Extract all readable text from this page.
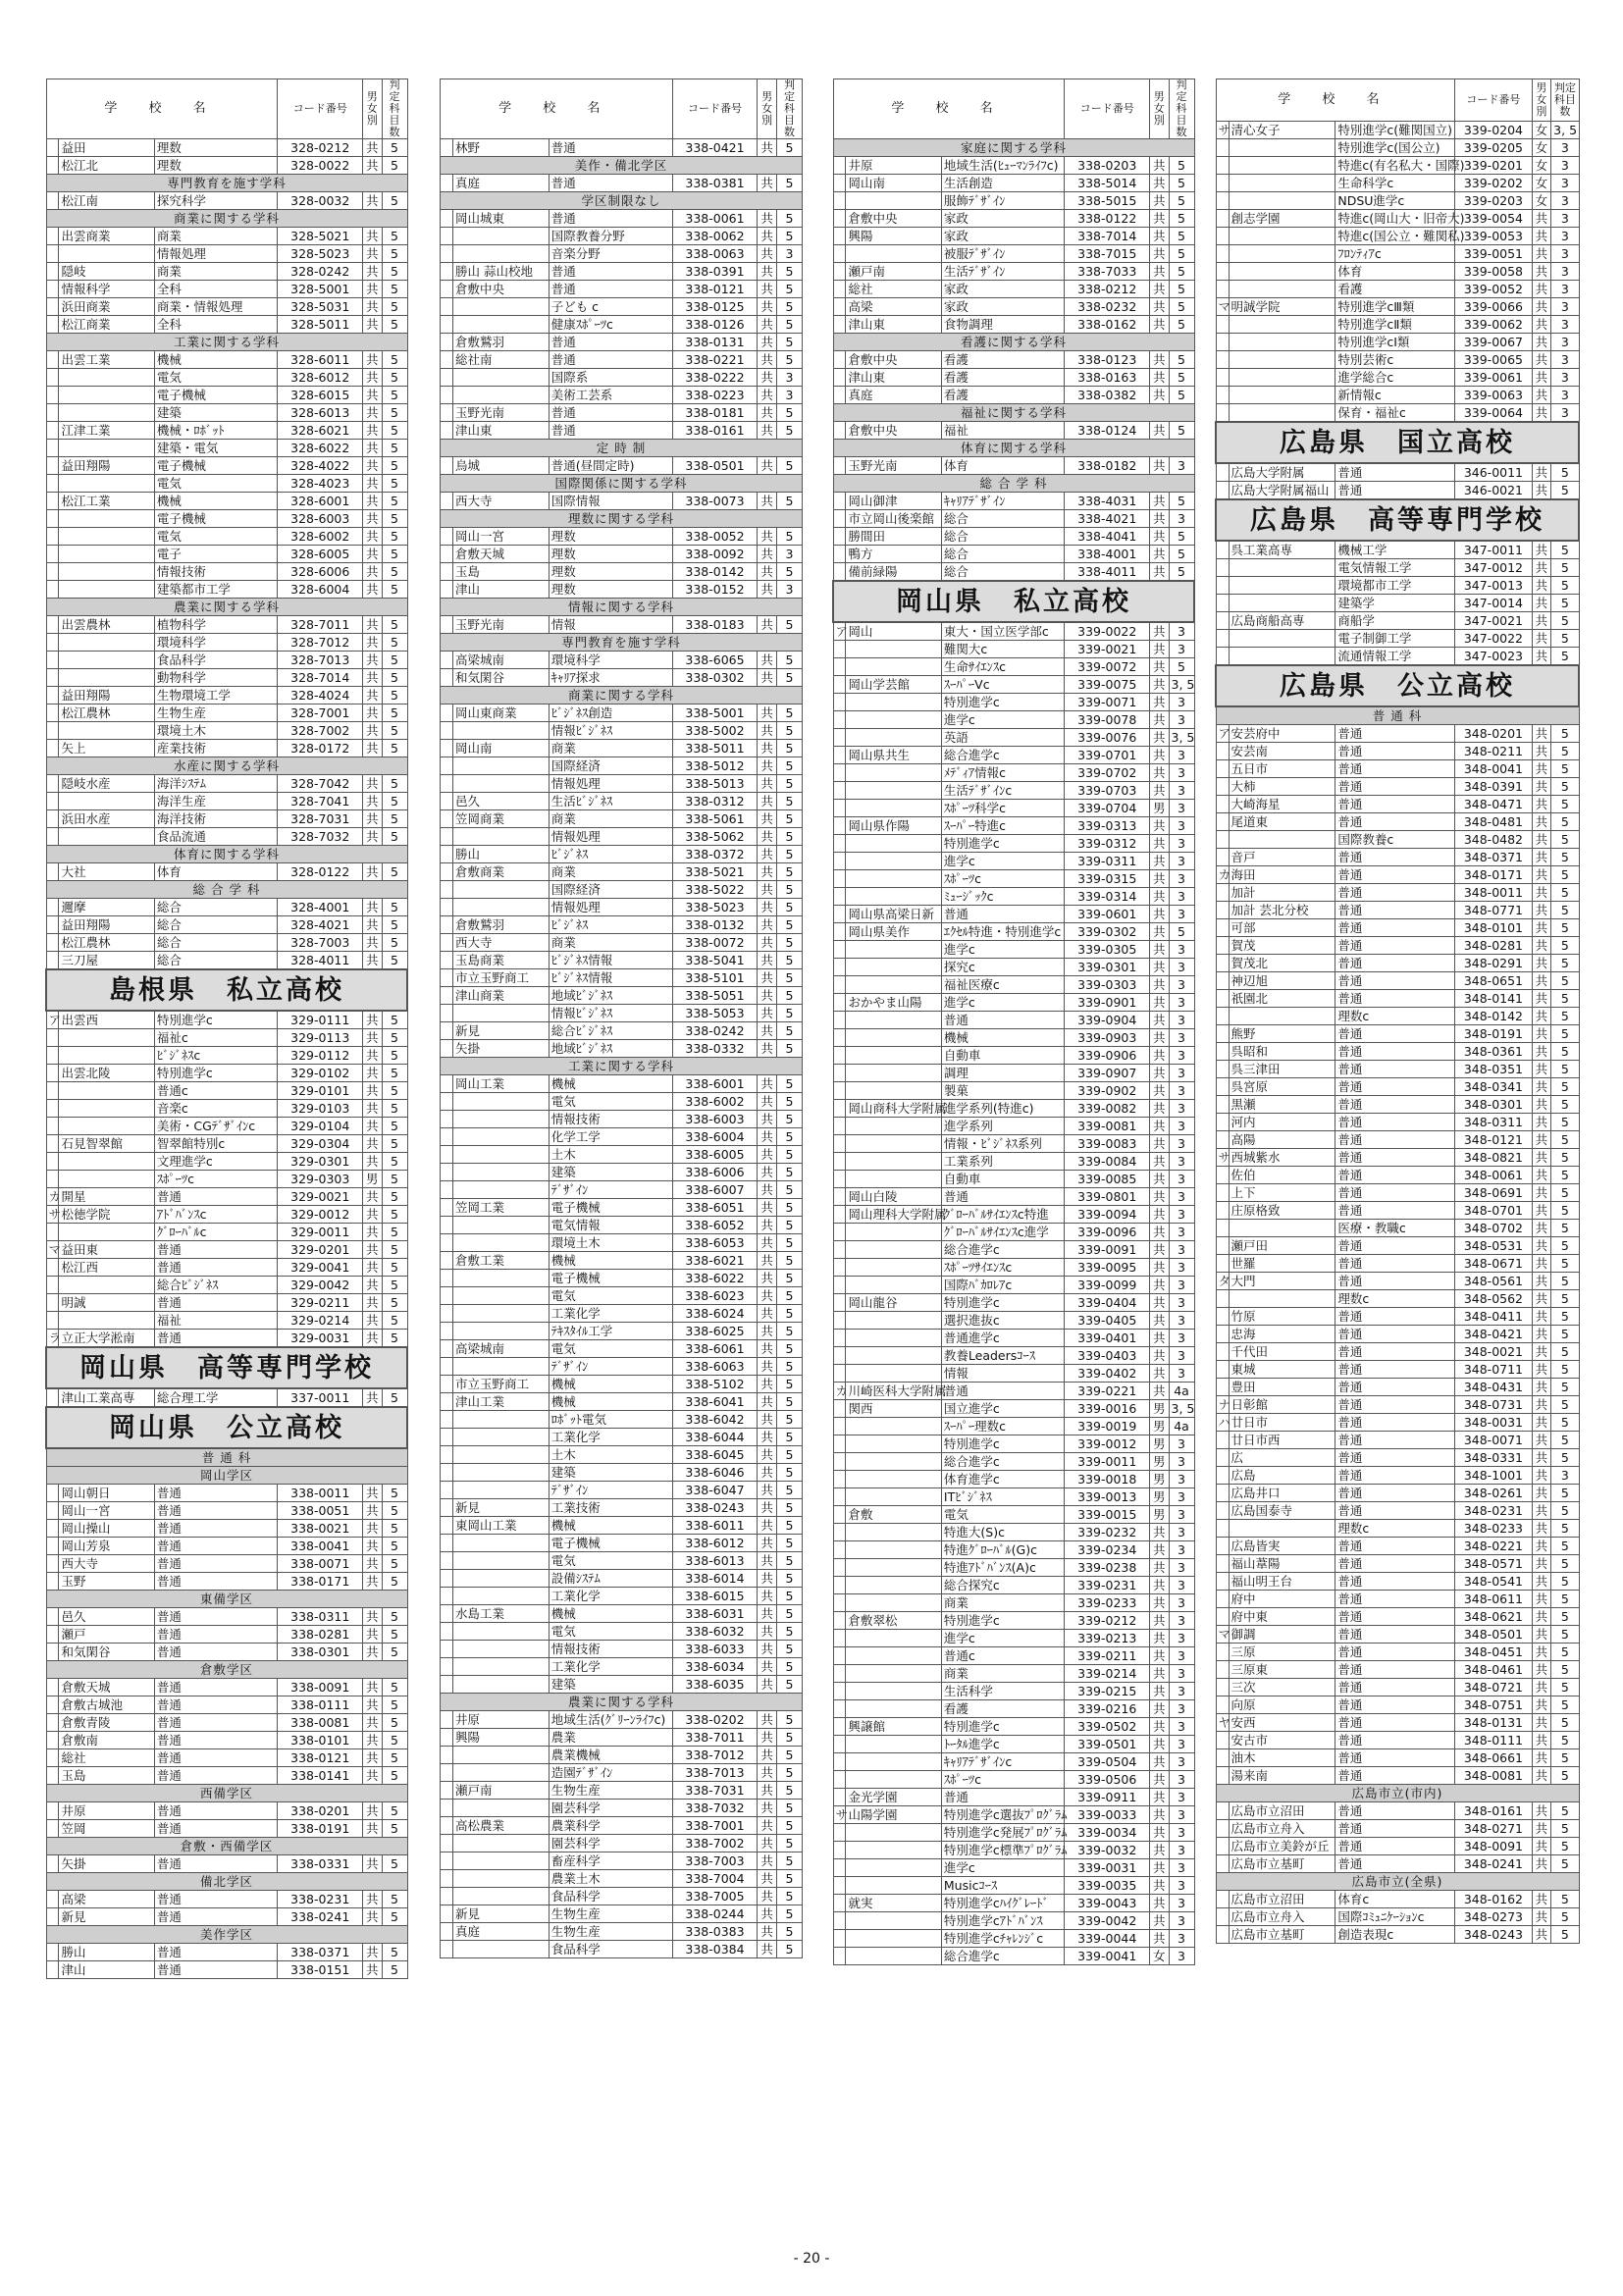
学 校 名			コード番号	男女別	判定科目数
	益田	理数	328-0212	共	5
	松江北	理数	328-0022	共	5
専門教育を施す学科					
	松江南	探究科学	328-0032	共	5
商業に関する学科					
	出雲商業	商業	328-5021	共	5
		情報処理	328-5023	共	5
	隠岐	商業	328-0242	共	5
	情報科学	全科	328-5001	共	5
	浜田商業	商業・情報処理	328-5031	共	5
	松江商業	全科	328-5011	共	5
工業に関する学科					
	出雲工業	機械	328-6011	共	5
		電気	328-6012	共	5
		電子機械	328-6015	共	5
		建築	328-6013	共	5
	江津工業	機械・ﾛﾎﾞｯﾄ	328-6021	共	5
		建築・電気	328-6022	共	5
	益田翔陽	電子機械	328-4022	共	5
		電気	328-4023	共	5
	松江工業	機械	328-6001	共	5
		電子機械	328-6003	共	5
		電気	328-6002	共	5
		電子	328-6005	共	5
		情報技術	328-6006	共	5
		建築都市工学	328-6004	共	5
農業に関する学科					
	出雲農林	植物科学	328-7011	共	5
		環境科学	328-7012	共	5
		食品科学	328-7013	共	5
		動物科学	328-7014	共	5
	益田翔陽	生物環境工学	328-4024	共	5
	松江農林	生物生産	328-7001	共	5
		環境土木	328-7002	共	5
	矢上	産業技術	328-0172	共	5
水産に関する学科					
	隠岐水産	海洋ｼｽﾃﾑ	328-7042	共	5
		海洋生産	328-7041	共	5
	浜田水産	海洋技術	328-7031	共	5
		食品流通	328-7032	共	5
体育に関する学科					
	大社	体育	328-0122	共	5
総 合 学 科					
	邇摩	総合	328-4001	共	5
	益田翔陽	総合	328-4021	共	5
	松江農林	総合	328-7003	共	5
	三刀屋	総合	328-4011	共	5
島根県　私立高校					
ア	出雲西	特別進学c	329-0111	共	5
		福祉c	329-0113	共	5
		ﾋﾞｼﾞﾈｽc	329-0112	共	5
	出雲北陵	特別進学c	329-0102	共	5
		普通c	329-0101	共	5
		音楽c	329-0103	共	5
		美術・CGﾃﾞｻﾞｲﾝc	329-0104	共	5
	石見智翠館	智翠館特別c	329-0304	共	5
		文理進学c	329-0301	共	5
		ｽﾎﾟｰﾂc	329-0303	男	5
カ	開星	普通	329-0021	共	5
サ	松徳学院	ｱﾄﾞﾊﾞﾝｽc	329-0012	共	5
		ｸﾞﾛｰﾊﾞﾙc	329-0011	共	5
マ	益田東	普通	329-0201	共	5
	松江西	普通	329-0041	共	5
		総合ﾋﾞｼﾞﾈｽ	329-0042	共	5
	明誠	普通	329-0211	共	5
		福祉	329-0214	共	5
ラ	立正大学淞南	普通	329-0031	共	5
岡山県　高等専門学校					
	津山工業高専	総合理工学	337-0011	共	5
岡山県　公立高校					
普 通 科					
岡山学区					
	岡山朝日	普通	338-0011	共	5
	岡山一宮	普通	338-0051	共	5
	岡山操山	普通	338-0021	共	5
	岡山芳泉	普通	338-0041	共	5
	西大寺	普通	338-0071	共	5
	玉野	普通	338-0171	共	5
東備学区					
	邑久	普通	338-0311	共	5
	瀬戸	普通	338-0281	共	5
	和気閑谷	普通	338-0301	共	5
倉敷学区					
	倉敷天城	普通	338-0091	共	5
	倉敷古城池	普通	338-0111	共	5
	倉敷青陵	普通	338-0081	共	5
	倉敷南	普通	338-0101	共	5
	総社	普通	338-0121	共	5
	玉島	普通	338-0141	共	5
西備学区					
	井原	普通	338-0201	共	5
	笠岡	普通	338-0191	共	5
倉敷・西備学区					
	矢掛	普通	338-0331	共	5
備北学区					
	高梁	普通	338-0231	共	5
	新見	普通	338-0241	共	5
美作学区					
	勝山	普通	338-0371	共	5
	津山	普通	338-0151	共	5
学 校 名			コード番号	男女別	判定科目数
	林野	普通	338-0421	共	5
美作・備北学区					
	真庭	普通	338-0381	共	5
学区制限なし					
	岡山城東	普通	338-0061	共	5
		国際教養分野	338-0062	共	5
		音楽分野	338-0063	共	3
	勝山 蒜山校地	普通	338-0391	共	5
	倉敷中央	普通	338-0121	共	5
		子ども c	338-0125	共	5
		健康ｽﾎﾟｰﾂc	338-0126	共	5
	倉敷鷲羽	普通	338-0131	共	5
	総社南	普通	338-0221	共	5
		国際系	338-0222	共	3
		美術工芸系	338-0223	共	3
	玉野光南	普通	338-0181	共	5
	津山東	普通	338-0161	共	5
定 時 制					
	烏城	普通(昼間定時)	338-0501	共	5
国際関係に関する学科					
	西大寺	国際情報	338-0073	共	5
理数に関する学科					
	岡山一宮	理数	338-0052	共	5
	倉敷天城	理数	338-0092	共	3
	玉島	理数	338-0142	共	5
	津山	理数	338-0152	共	3
情報に関する学科					
	玉野光南	情報	338-0183	共	5
専門教育を施す学科					
	高梁城南	環境科学	338-6065	共	5
	和気閑谷	ｷｬﾘｱ探求	338-0302	共	5
商業に関する学科					
	岡山東商業	ﾋﾞｼﾞﾈｽ創造	338-5001	共	5
		情報ﾋﾞｼﾞﾈｽ	338-5002	共	5
	岡山南	商業	338-5011	共	5
		国際経済	338-5012	共	5
		情報処理	338-5013	共	5
	邑久	生活ﾋﾞｼﾞﾈｽ	338-0312	共	5
	笠岡商業	商業	338-5061	共	5
		情報処理	338-5062	共	5
	勝山	ﾋﾞｼﾞﾈｽ	338-0372	共	5
	倉敷商業	商業	338-5021	共	5
		国際経済	338-5022	共	5
		情報処理	338-5023	共	5
	倉敷鷲羽	ﾋﾞｼﾞﾈｽ	338-0132	共	5
	西大寺	商業	338-0072	共	5
	玉島商業	ﾋﾞｼﾞﾈｽ情報	338-5041	共	5
	市立玉野商工	ﾋﾞｼﾞﾈｽ情報	338-5101	共	5
	津山商業	地域ﾋﾞｼﾞﾈｽ	338-5051	共	5
		情報ﾋﾞｼﾞﾈｽ	338-5053	共	5
	新見	総合ﾋﾞｼﾞﾈｽ	338-0242	共	5
	矢掛	地域ﾋﾞｼﾞﾈｽ	338-0332	共	5
工業に関する学科					
	岡山工業	機械	338-6001	共	5
		電気	338-6002	共	5
		情報技術	338-6003	共	5
		化学工学	338-6004	共	5
		土木	338-6005	共	5
		建築	338-6006	共	5
		ﾃﾞｻﾞｲﾝ	338-6007	共	5
	笠岡工業	電子機械	338-6051	共	5
		電気情報	338-6052	共	5
		環境土木	338-6053	共	5
	倉敷工業	機械	338-6021	共	5
		電子機械	338-6022	共	5
		電気	338-6023	共	5
		工業化学	338-6024	共	5
		ﾃｷｽﾀｲﾙ工学	338-6025	共	5
	高梁城南	電気	338-6061	共	5
		ﾃﾞｻﾞｲﾝ	338-6063	共	5
	市立玉野商工	機械	338-5102	共	5
	津山工業	機械	338-6041	共	5
		ﾛﾎﾞｯﾄ電気	338-6042	共	5
		工業化学	338-6044	共	5
		土木	338-6045	共	5
		建築	338-6046	共	5
		ﾃﾞｻﾞｲﾝ	338-6047	共	5
	新見	工業技術	338-0243	共	5
	東岡山工業	機械	338-6011	共	5
		電子機械	338-6012	共	5
		電気	338-6013	共	5
		設備ｼｽﾃﾑ	338-6014	共	5
		工業化学	338-6015	共	5
	水島工業	機械	338-6031	共	5
		電気	338-6032	共	5
		情報技術	338-6033	共	5
		工業化学	338-6034	共	5
		建築	338-6035	共	5
農業に関する学科					
	井原	地域生活(ｸﾞﾘｰﾝﾗｲﾌc)	338-0202	共	5
	興陽	農業	338-7011	共	5
		農業機械	338-7012	共	5
		造園ﾃﾞｻﾞｲﾝ	338-7013	共	5
	瀬戸南	生物生産	338-7031	共	5
		園芸科学	338-7032	共	5
	高松農業	農業科学	338-7001	共	5
		園芸科学	338-7002	共	5
		畜産科学	338-7003	共	5
		農業土木	338-7004	共	5
		食品科学	338-7005	共	5
	新見	生物生産	338-0244	共	5
	真庭	生物生産	338-0383	共	5
		食品科学	338-0384	共	5
学 校 名			コード番号	男女別	判定科目数
家庭に関する学科					
	井原	地域生活(ﾋｭｰﾏﾝﾗｲﾌc)	338-0203	共	5
	岡山南	生活創造	338-5014	共	5
		服飾ﾃﾞｻﾞｲﾝ	338-5015	共	5
	倉敷中央	家政	338-0122	共	5
	興陽	家政	338-7014	共	5
		被服ﾃﾞｻﾞｲﾝ	338-7015	共	5
	瀬戸南	生活ﾃﾞｻﾞｲﾝ	338-7033	共	5
	総社	家政	338-0212	共	5
	高梁	家政	338-0232	共	5
	津山東	食物調理	338-0162	共	5
看護に関する学科					
	倉敷中央	看護	338-0123	共	5
	津山東	看護	338-0163	共	5
	真庭	看護	338-0382	共	5
福祉に関する学科					
	倉敷中央	福祉	338-0124	共	5
体育に関する学科					
	玉野光南	体育	338-0182	共	3
総 合 学 科					
	岡山御津	ｷｬﾘｱﾃﾞｻﾞｲﾝ	338-4031	共	5
	市立岡山後楽館	総合	338-4021	共	3
	勝間田	総合	338-4041	共	5
	鴨方	総合	338-4001	共	5
	備前緑陽	総合	338-4011	共	5
岡山県　私立高校					
ア	岡山	東大・国立医学部c	339-0022	共	3
		難関大c	339-0021	共	3
		生命ｻｲｴﾝｽc	339-0072	共	5
	岡山学芸館	ｽｰﾊﾟｰVc	339-0075	共	3, 5
		特別進学c	339-0071	共	3
		進学c	339-0078	共	3
		英語	339-0076	共	3, 5
	岡山県共生	総合進学c	339-0701	共	3
		ﾒﾃﾞｨｱ情報c	339-0702	共	3
		生活ﾃﾞｻﾞｲﾝc	339-0703	共	3
		ｽﾎﾟｰﾂ科学c	339-0704	男	3
	岡山県作陽	ｽｰﾊﾟｰ特進c	339-0313	共	3
		特別進学c	339-0312	共	3
		進学c	339-0311	共	3
		ｽﾎﾟｰﾂc	339-0315	共	3
		ﾐｭｰｼﾞｯｸc	339-0314	共	3
	岡山県高梁日新	普通	339-0601	共	3
	岡山県美作	ｴｸｾﾙ特進・特別進学c	339-0302	共	5
		進学c	339-0305	共	3
		探究c	339-0301	共	3
		福祉医療c	339-0303	共	3
	おかやま山陽	進学c	339-0901	共	3
		普通	339-0904	共	3
		機械	339-0903	共	3
		自動車	339-0906	共	3
		調理	339-0907	共	3
		製菓	339-0902	共	3
	岡山商科大学附属	進学系列(特進c)	339-0082	共	3
		進学系列	339-0081	共	3
		情報・ﾋﾞｼﾞﾈｽ系列	339-0083	共	3
		工業系列	339-0084	共	3
		自動車	339-0085	共	3
	岡山白陵	普通	339-0801	共	3
	岡山理科大学附属	ｸﾞﾛｰﾊﾞﾙｻｲｴﾝｽc特進	339-0094	共	3
		ｸﾞﾛｰﾊﾞﾙｻｲｴﾝｽc進学	339-0096	共	3
		総合進学c	339-0091	共	3
		ｽﾎﾟｰﾂｻｲｴﾝｽc	339-0095	共	3
		国際ﾊﾞｶﾛﾚｱc	339-0099	共	3
	岡山龍谷	特別進学c	339-0404	共	3
		選択進抜c	339-0405	共	3
		普通進学c	339-0401	共	3
		教養Leadersｺｰｽ	339-0403	共	3
		情報	339-0402	共	3
カ	川崎医科大学附属	普通	339-0221	共	4a
	関西	国立進学c	339-0016	男	3, 5
		ｽｰﾊﾟｰ理数c	339-0019	男	4a
		特別進学c	339-0012	男	3
		総合進学c	339-0011	男	3
		体育進学c	339-0018	男	3
		ITﾋﾞｼﾞﾈｽ	339-0013	男	3
	倉敷	電気	339-0015	男	3
		特進大(S)c	339-0232	共	3
		特進ｸﾞﾛｰﾊﾞﾙ(G)c	339-0234	共	3
		特進ｱﾄﾞﾊﾞﾝｽ(A)c	339-0238	共	3
		総合探究c	339-0231	共	3
		商業	339-0233	共	3
	倉敷翠松	特別進学c	339-0212	共	3
		進学c	339-0213	共	3
		普通c	339-0211	共	3
		商業	339-0214	共	3
		生活科学	339-0215	共	3
		看護	339-0216	共	3
	興譲館	特別進学c	339-0502	共	3
		ﾄｰﾀﾙ進学c	339-0501	共	3
		ｷｬﾘｱﾃﾞｻﾞｲﾝc	339-0504	共	3
		ｽﾎﾟｰﾂc	339-0506	共	3
	金光学園	普通	339-0911	共	3
サ	山陽学園	特別進学c選抜ﾌﾟﾛｸﾞﾗﾑ	339-0033	共	3
		特別進学c発展ﾌﾟﾛｸﾞﾗﾑ	339-0034	共	3
		特別進学c標準ﾌﾟﾛｸﾞﾗﾑ	339-0032	共	3
		進学c	339-0031	共	3
		Musicｺｰｽ	339-0035	共	3
	就実	特別進学cﾊｲｸﾞﾚｰﾄﾞ	339-0043	共	3
		特別進学cｱﾄﾞﾊﾞﾝｽ	339-0042	共	3
		特別進学cﾁｬﾚﾝｼﾞc	339-0044	共	3
		総合進学c	339-0041	女	3
学 校 名			コード番号	男女別	判定科目数
サ	清心女子	特別進学c(難関国立)	339-0204	女	3, 5
		特別進学c(国公立)	339-0205	女	3
		特進c(有名私大・国際)	339-0201	女	3
		生命科学c	339-0202	女	3
		NDSU進学c	339-0203	女	3
	創志学園	特進c(岡山大・旧帝大)	339-0054	共	3
		特進c(国公立・難関私)	339-0053	共	3
		ﾌﾛﾝﾃｨｱc	339-0051	共	3
		体育	339-0058	共	3
		看護	339-0052	共	3
マ	明誠学院	特別進学cⅢ類	339-0066	共	3
		特別進学cⅡ類	339-0062	共	3
		特別進学cⅠ類	339-0067	共	3
		特別芸術c	339-0065	共	3
		進学総合c	339-0061	共	3
		新情報c	339-0063	共	3
		保育・福祉c	339-0064	共	3
広島県　国立高校					
	広島大学附属	普通	346-0011	共	5
	広島大学附属福山	普通	346-0021	共	5
広島県　高等専門学校					
	呉工業高専	機械工学	347-0011	共	5
		電気情報工学	347-0012	共	5
		環境都市工学	347-0013	共	5
		建築学	347-0014	共	5
	広島商船高専	商船学	347-0021	共	5
		電子制御工学	347-0022	共	5
		流通情報工学	347-0023	共	5
広島県　公立高校					
普 通 科					
ア	安芸府中	普通	348-0201	共	5
	安芸南	普通	348-0211	共	5
	五日市	普通	348-0041	共	5
	大柿	普通	348-0391	共	5
	大崎海星	普通	348-0471	共	5
	尾道東	普通	348-0481	共	5
		国際教養c	348-0482	共	5
	音戸	普通	348-0371	共	5
カ	海田	普通	348-0171	共	5
	加計	普通	348-0011	共	5
	加計 芸北分校	普通	348-0771	共	5
	可部	普通	348-0101	共	5
	賀茂	普通	348-0281	共	5
	賀茂北	普通	348-0291	共	5
	神辺旭	普通	348-0651	共	5
	祇園北	普通	348-0141	共	5
		理数c	348-0142	共	5
	熊野	普通	348-0191	共	5
	呉昭和	普通	348-0361	共	5
	呉三津田	普通	348-0351	共	5
	呉宮原	普通	348-0341	共	5
	黒瀬	普通	348-0301	共	5
	河内	普通	348-0311	共	5
	高陽	普通	348-0121	共	5
サ	西城紫水	普通	348-0821	共	5
	佐伯	普通	348-0061	共	5
	上下	普通	348-0691	共	5
	庄原格致	普通	348-0701	共	5
		医療・教職c	348-0702	共	5
	瀬戸田	普通	348-0531	共	5
	世羅	普通	348-0671	共	5
タ	大門	普通	348-0561	共	5
		理数c	348-0562	共	5
	竹原	普通	348-0411	共	5
	忠海	普通	348-0421	共	5
	千代田	普通	348-0021	共	5
	東城	普通	348-0711	共	5
	豊田	普通	348-0431	共	5
ナ	日彰館	普通	348-0731	共	5
ハ	廿日市	普通	348-0031	共	5
	廿日市西	普通	348-0071	共	5
	広	普通	348-0331	共	5
	広島	普通	348-1001	共	3
	広島井口	普通	348-0261	共	5
	広島国泰寺	普通	348-0231	共	5
		理数c	348-0233	共	5
	広島皆実	普通	348-0221	共	5
	福山葦陽	普通	348-0571	共	5
	福山明王台	普通	348-0541	共	5
	府中	普通	348-0611	共	5
	府中東	普通	348-0621	共	5
マ	御調	普通	348-0501	共	5
	三原	普通	348-0451	共	5
	三原東	普通	348-0461	共	5
	三次	普通	348-0721	共	5
	向原	普通	348-0751	共	5
ヤ	安西	普通	348-0131	共	5
	安古市	普通	348-0111	共	5
	油木	普通	348-0661	共	5
	湯来南	普通	348-0081	共	5
広島市立(市内)					
	広島市立沼田	普通	348-0161	共	5
	広島市立舟入	普通	348-0271	共	5
	広島市立美鈴が丘	普通	348-0091	共	5
	広島市立基町	普通	348-0241	共	5
広島市立(全県)					
	広島市立沼田	体育c	348-0162	共	5
	広島市立舟入	国際ｺﾐｭﾆｹｰｼｮﾝc	348-0273	共	5
	広島市立基町	創造表現c	348-0243	共	5
- 20 -
